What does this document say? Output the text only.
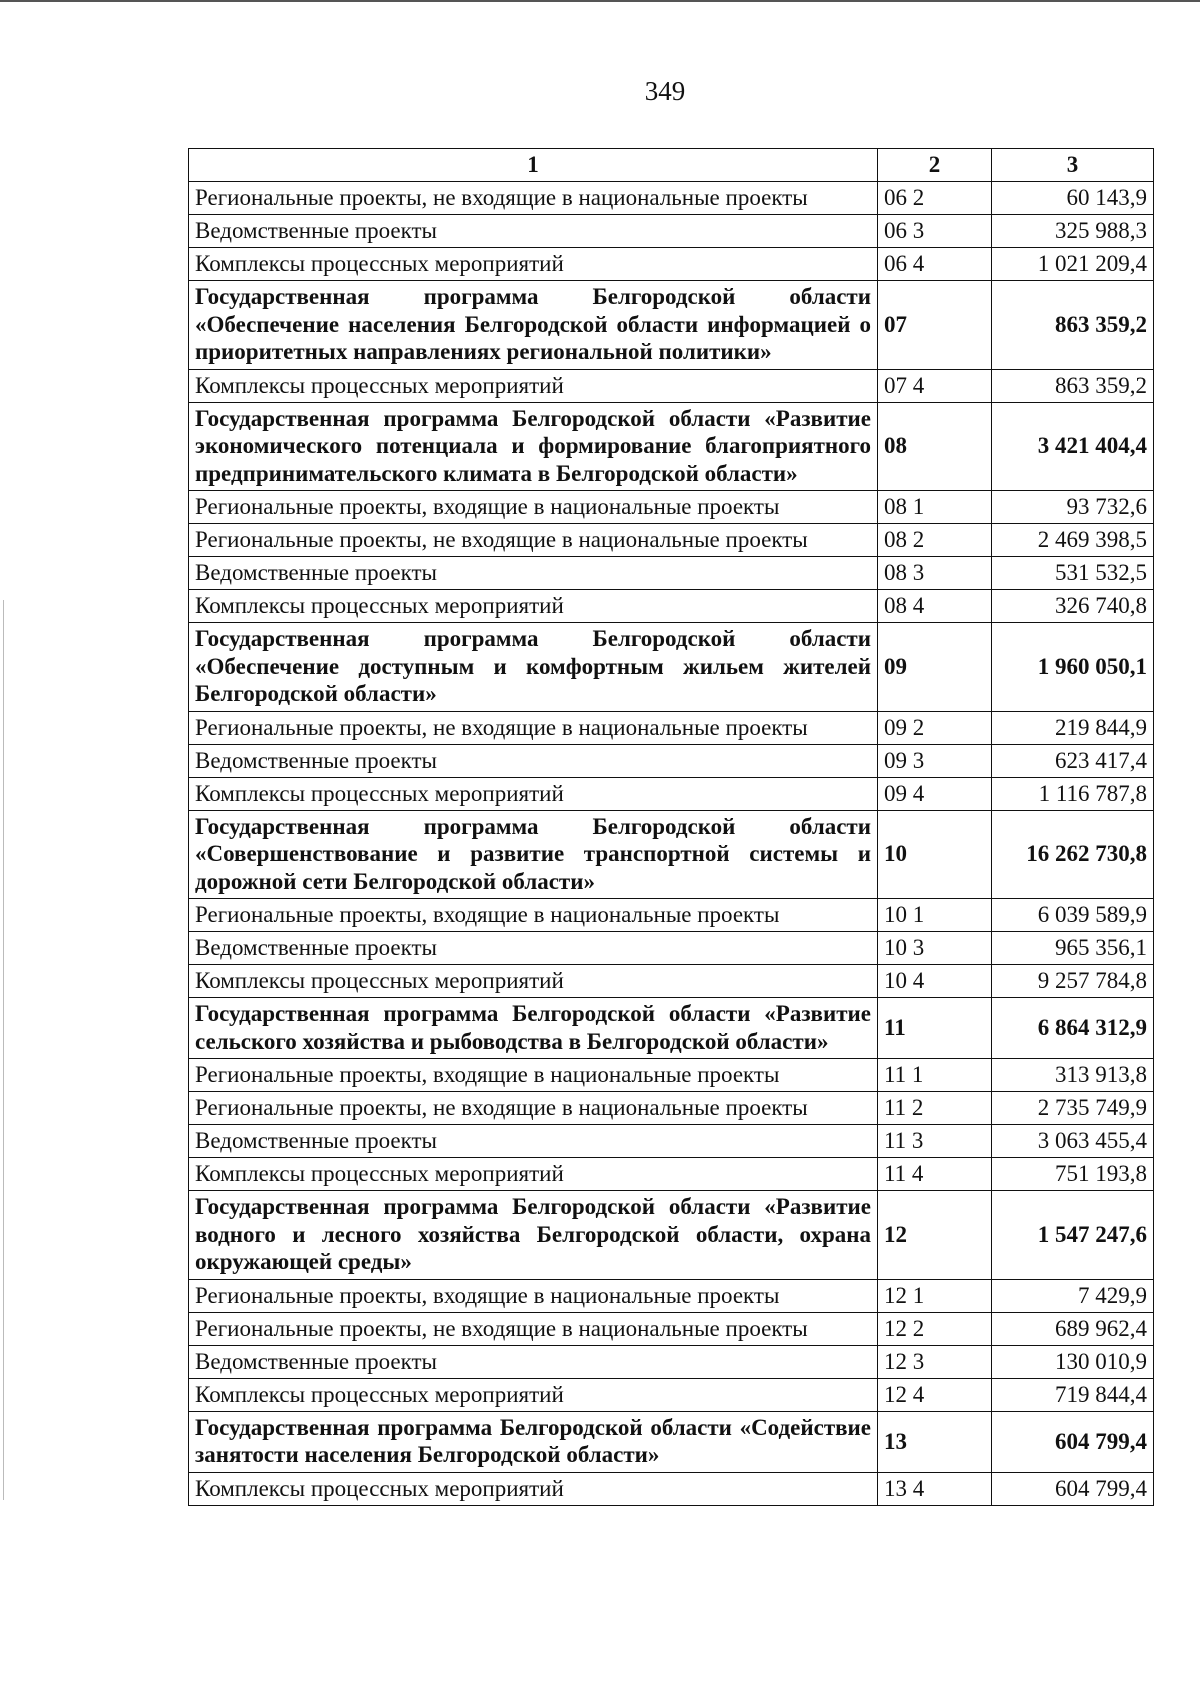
349
1	2	3
Региональные проекты, не входящие в национальные проекты	06 2	60 143,9
Ведомственные проекты	06 3	325 988,3
Комплексы процессных мероприятий	06 4	1 021 209,4
Государственная программа Белгородской области «Обеспечение населения Белгородской области информацией о приоритетных направлениях региональной политики»	07	863 359,2
Комплексы процессных мероприятий	07 4	863 359,2
Государственная программа Белгородской области «Развитие экономического потенциала и формирование благоприятного предпринимательского климата в Белгородской области»	08	3 421 404,4
Региональные проекты, входящие в национальные проекты	08 1	93 732,6
Региональные проекты, не входящие в национальные проекты	08 2	2 469 398,5
Ведомственные проекты	08 3	531 532,5
Комплексы процессных мероприятий	08 4	326 740,8
Государственная программа Белгородской области «Обеспечение доступным и комфортным жильем жителей Белгородской области»	09	1 960 050,1
Региональные проекты, не входящие в национальные проекты	09 2	219 844,9
Ведомственные проекты	09 3	623 417,4
Комплексы процессных мероприятий	09 4	1 116 787,8
Государственная программа Белгородской области «Совершенствование и развитие транспортной системы и дорожной сети Белгородской области»	10	16 262 730,8
Региональные проекты, входящие в национальные проекты	10 1	6 039 589,9
Ведомственные проекты	10 3	965 356,1
Комплексы процессных мероприятий	10 4	9 257 784,8
Государственная программа Белгородской области «Развитие сельского хозяйства и рыбоводства в Белгородской области»	11	6 864 312,9
Региональные проекты, входящие в национальные проекты	11 1	313 913,8
Региональные проекты, не входящие в национальные проекты	11 2	2 735 749,9
Ведомственные проекты	11 3	3 063 455,4
Комплексы процессных мероприятий	11 4	751 193,8
Государственная программа Белгородской области «Развитие водного и лесного хозяйства Белгородской области, охрана окружающей среды»	12	1 547 247,6
Региональные проекты, входящие в национальные проекты	12 1	7 429,9
Региональные проекты, не входящие в национальные проекты	12 2	689 962,4
Ведомственные проекты	12 3	130 010,9
Комплексы процессных мероприятий	12 4	719 844,4
Государственная программа Белгородской области «Содействие занятости населения Белгородской области»	13	604 799,4
Комплексы процессных мероприятий	13 4	604 799,4
